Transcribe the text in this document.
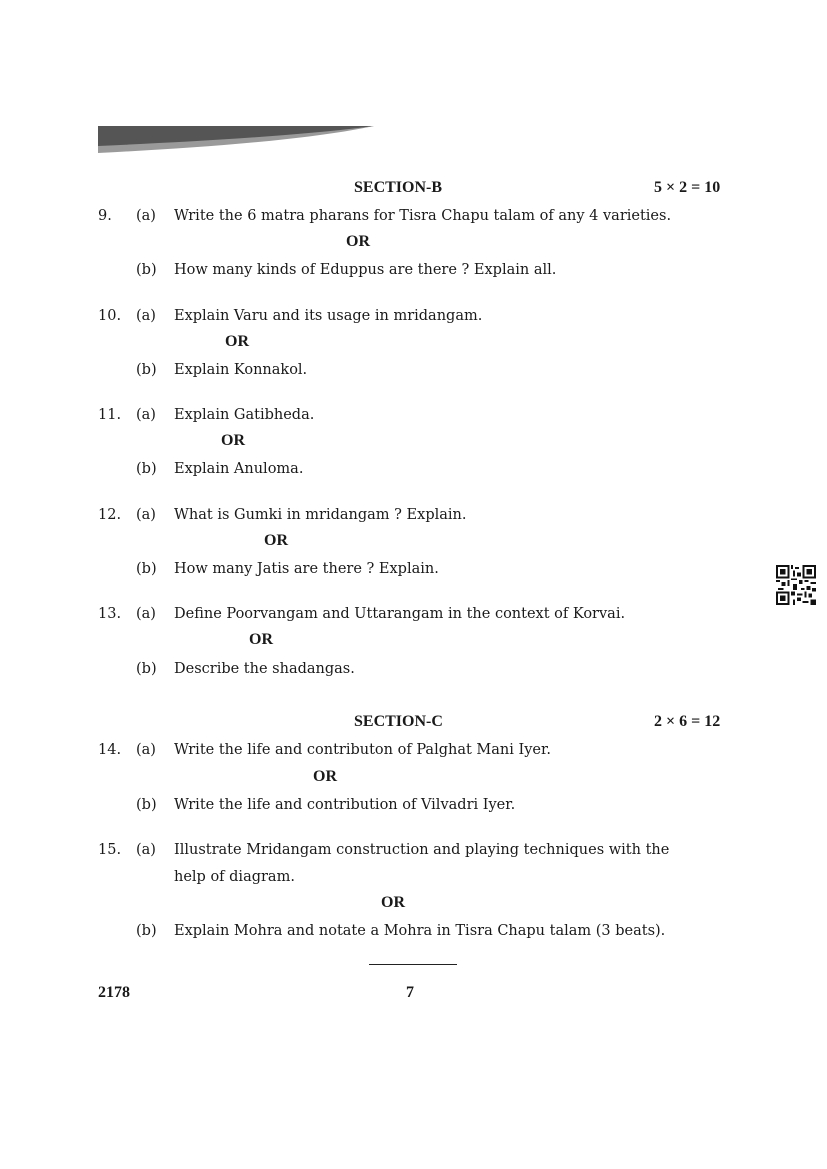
SECTION-B	5 × 2 = 10
9. (a) Write the 6 matra pharans for Tisra Chapu talam of any 4 varieties.
OR
(b) How many kinds of Eduppus are there ? Explain all.
10. (a) Explain Varu and its usage in mridangam.
OR
(b) Explain Konnakol.
11. (a) Explain Gatibheda.
OR
(b) Explain Anuloma.
12. (a) What is Gumki in mridangam ? Explain.
OR
(b) How many Jatis are there ? Explain.
13. (a) Define Poorvangam and Uttarangam in the context of Korvai.
OR
(b) Describe the shadangas.
SECTION-C	2 × 6 = 12
14. (a) Write the life and contributon of Palghat Mani Iyer.
OR
(b) Write the life and contribution of Vilvadri Iyer.
15. (a) Illustrate Mridangam construction and playing techniques with the
help of diagram.
OR
(b) Explain Mohra and notate a Mohra in Tisra Chapu talam (3 beats).
2178	7
